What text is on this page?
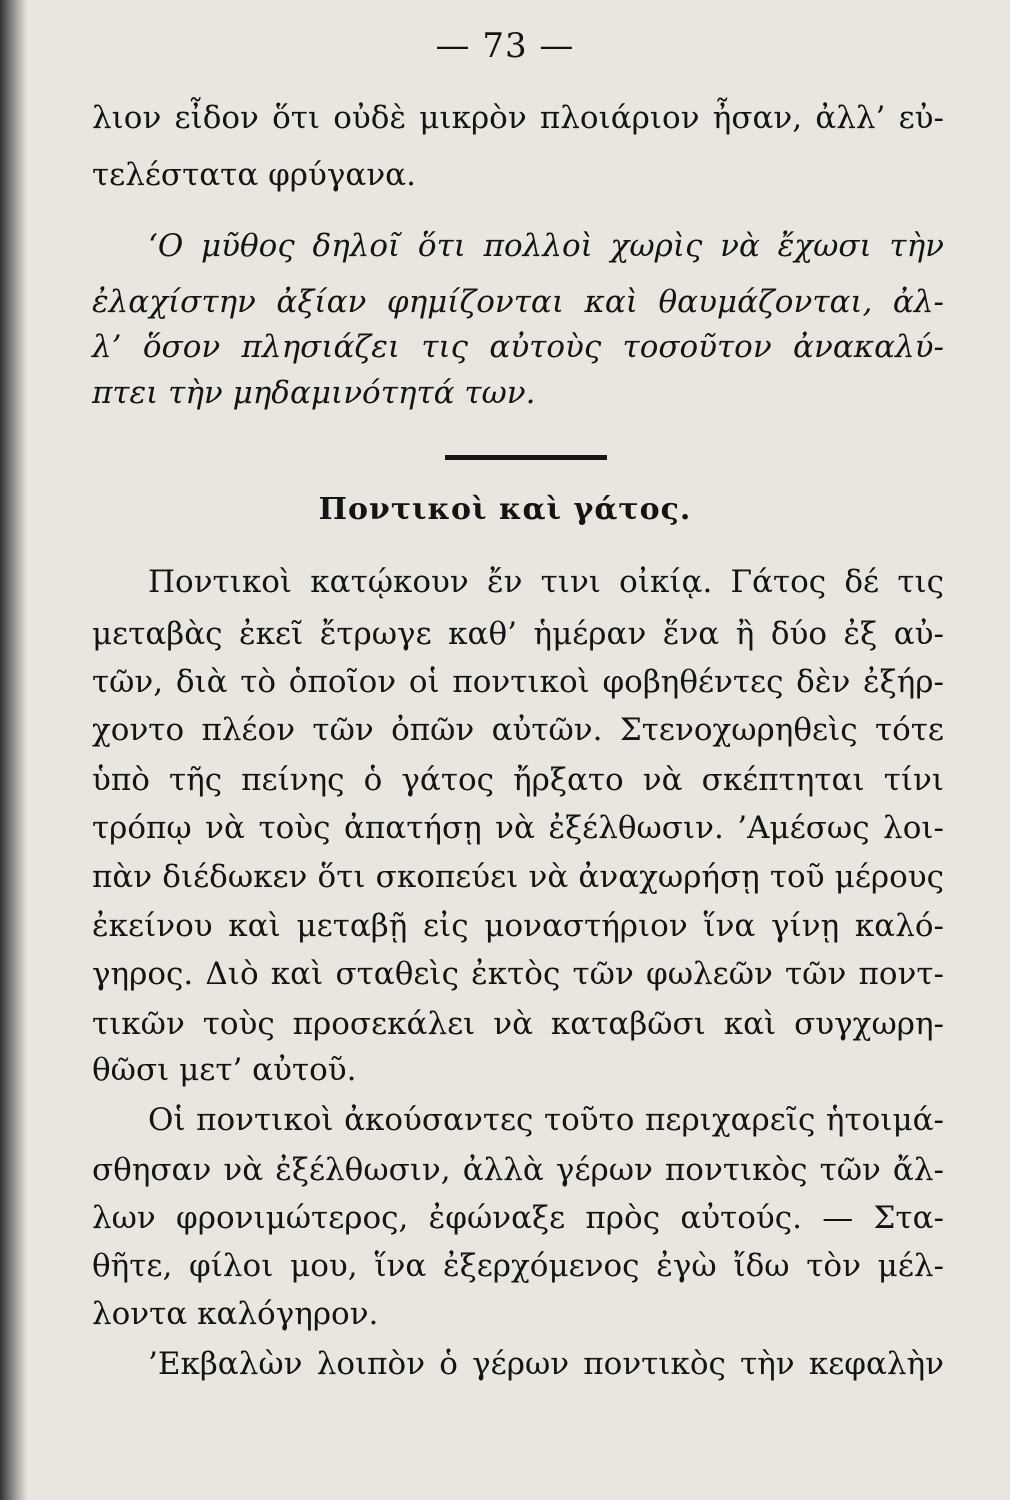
— 73 —
λιον εἶδον ὅτι οὐδὲ μικρὸν πλοιάριον ἦσαν, ἀλλ’ εὐ-
τελέστατα φρύγανα.
‘Ο μῦθος δηλοῖ ὅτι πολλοὶ χωρὶς νὰ ἔχωσι τὴν
ἐλαχίστην ἀξίαν φημίζονται καὶ θαυμάζονται, ἀλ-
λ’ ὅσον πλησιάζει τις αὐτοὺς τοσοῦτον ἀνακαλύ-
πτει τὴν μηδαμινότητά των.
Ποντικοὶ καὶ γάτος.
Ποντικοὶ κατῴκουν ἔν τινι οἰκίᾳ. Γάτος δέ τις
μεταβὰς ἐκεῖ ἔτρωγε καθ’ ἡμέραν ἕνα ἢ δύο ἐξ αὐ-
τῶν, διὰ τὸ ὁποῖον οἱ ποντικοὶ φοβηθέντες δὲν ἐξήρ-
χοντο πλέον τῶν ὀπῶν αὐτῶν. Στενοχωρηθεὶς τότε
ὑπὸ τῆς πείνης ὁ γάτος ἤρξατο νὰ σκέπτηται τίνι
τρόπῳ νὰ τοὺς ἀπατήσῃ νὰ ἐξέλθωσιν. ’Αμέσως λοι-
πὰν διέδωκεν ὅτι σκοπεύει νὰ ἀναχωρήσῃ τοῦ μέρους
ἐκείνου καὶ μεταβῇ εἰς μοναστήριον ἵνα γίνῃ καλό-
γηρος. Διὸ καὶ σταθεὶς ἐκτὸς τῶν φωλεῶν τῶν ποντ-
τικῶν τοὺς προσεκάλει νὰ καταβῶσι καὶ συγχωρη-
θῶσι μετ’ αὐτοῦ.
Οἱ ποντικοὶ ἀκούσαντες τοῦτο περιχαρεῖς ἡτοιμά-
σθησαν νὰ ἐξέλθωσιν, ἀλλὰ γέρων ποντικὸς τῶν ἄλ-
λων φρονιμώτερος, ἐφώναξε πρὸς αὐτούς. — Στα-
θῆτε, φίλοι μου, ἵνα ἐξερχόμενος ἐγὼ ἴδω τὸν μέλ-
λοντα καλόγηρον.
’Εκβαλὼν λοιπὸν ὁ γέρων ποντικὸς τὴν κεφαλὴν
